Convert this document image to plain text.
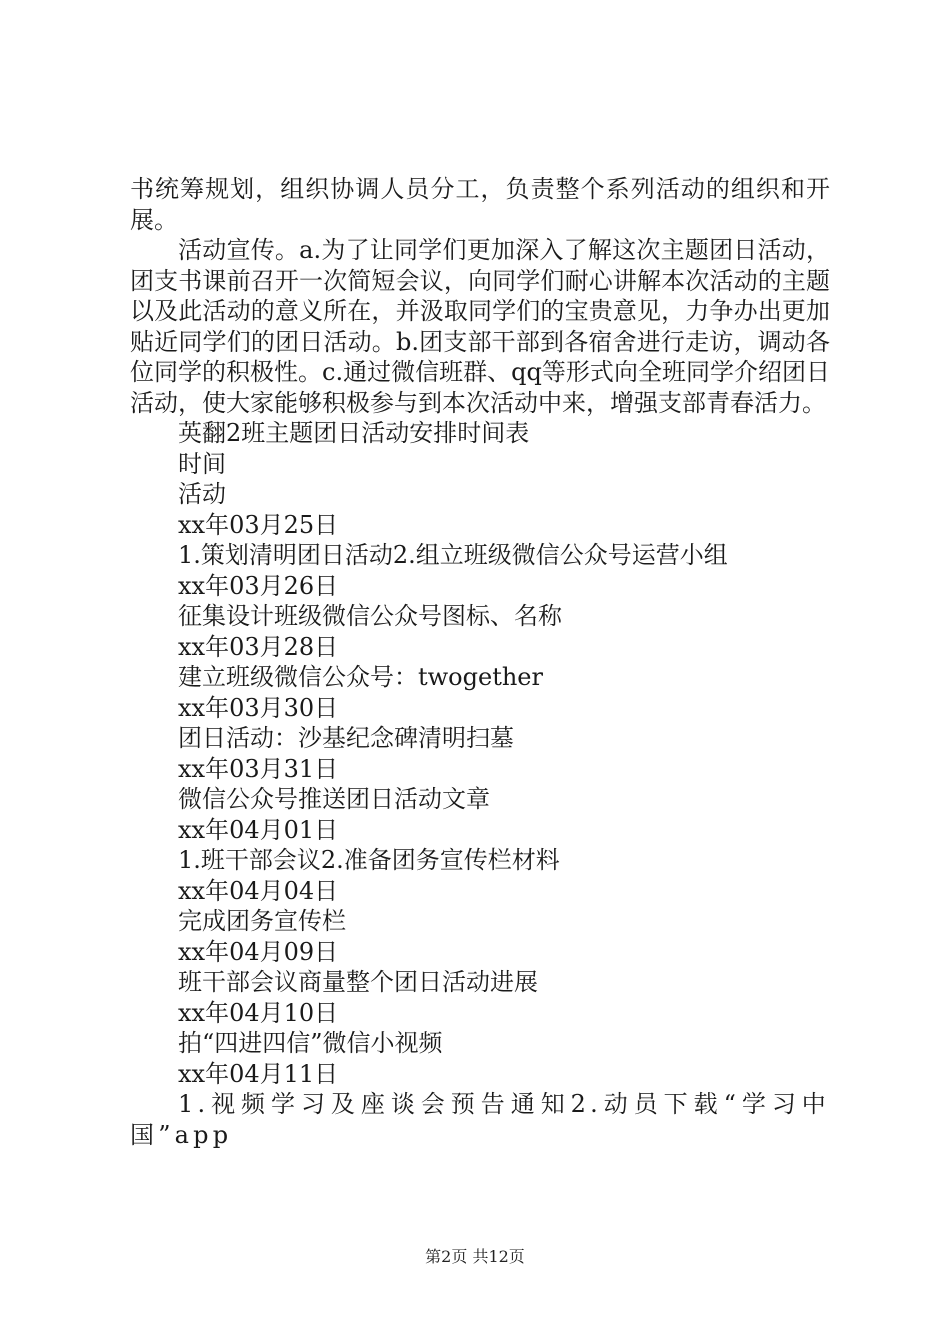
书统筹规划，组织协调人员分工，负责整个系列活动的组织和开展。

活动宣传。a.为了让同学们更加深入了解这次主题团日活动，团支书课前召开一次简短会议，向同学们耐心讲解本次活动的主题以及此活动的意义所在，并汲取同学们的宝贵意见，力争办出更加贴近同学们的团日活动。b.团支部干部到各宿舍进行走访，调动各位同学的积极性。c.通过微信班群、qq等形式向全班同学介绍团日活动，使大家能够积极参与到本次活动中来，增强支部青春活力。

英翻2班主题团日活动安排时间表

时间

活动

xx年03月25日

1.策划清明团日活动2.组立班级微信公众号运营小组

xx年03月26日

征集设计班级微信公众号图标、名称

xx年03月28日

建立班级微信公众号：twogether

xx年03月30日

团日活动：沙基纪念碑清明扫墓

xx年03月31日

微信公众号推送团日活动文章

xx年04月01日

1.班干部会议2.准备团务宣传栏材料

xx年04月04日

完成团务宣传栏

xx年04月09日

班干部会议商量整个团日活动进展

xx年04月10日

拍“四进四信”微信小视频

xx年04月11日

1.视频学习及座谈会预告通知2.动员下载“学习中国”app

第2页 共12页
